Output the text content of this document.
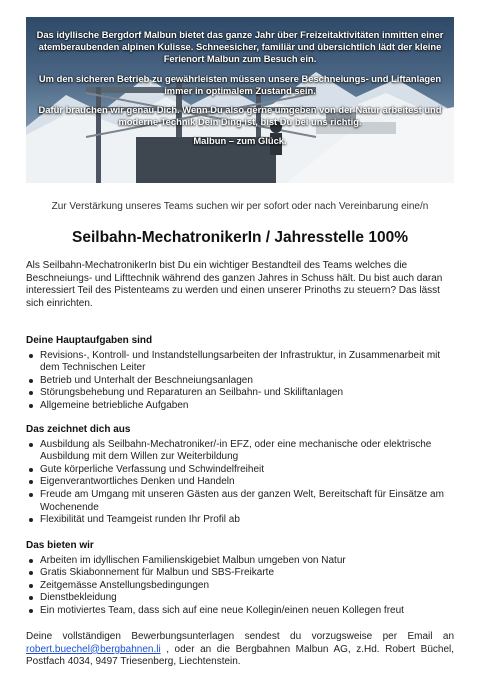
Das idyllische Bergdorf Malbun bietet das ganze Jahr über Freizeitaktivitäten inmitten einer atemberaubenden alpinen Kulisse. Schneesicher, familiär und übersichtlich lädt der kleine Ferienort Malbun zum Besuch ein.

Um den sicheren Betrieb zu gewährleisten müssen unsere Beschneiungs- und Liftanlagen immer in optimalem Zustand sein.

Dafür brauchen wir genau Dich. Wenn Du also gerne umgeben von der Natur arbeitest und moderne Technik Dein Ding ist, bist Du bei uns richtig.

Malbun – zum Glück.

Zur Verstärkung unseres Teams suchen wir per sofort oder nach Vereinbarung eine/n
Seilbahn-MechatronikerIn / Jahresstelle 100%
Als Seilbahn-MechatronikerIn bist Du ein wichtiger Bestandteil des Teams welches die Beschneiungs- und Lifttechnik während des ganzen Jahres in Schuss hält. Du bist auch daran interessiert Teil des Pistenteams zu werden und einen unserer Prinoths zu steuern? Das lässt sich einrichten.
Deine Hauptaufgaben sind
Revisions-, Kontroll- und Instandstellungsarbeiten der Infrastruktur, in Zusammenarbeit mit dem Technischen Leiter
Betrieb und Unterhalt der Beschneiungsanlagen
Störungsbehebung und Reparaturen an Seilbahn- und Skiliftanlagen
Allgemeine betriebliche Aufgaben
Das zeichnet dich aus
Ausbildung als Seilbahn-Mechatroniker/-in EFZ, oder eine mechanische oder elektrische Ausbildung mit dem Willen zur Weiterbildung
Gute körperliche Verfassung und Schwindelfreiheit
Eigenverantwortliches Denken und Handeln
Freude am Umgang mit unseren Gästen aus der ganzen Welt, Bereitschaft für Einsätze am Wochenende
Flexibilität und Teamgeist runden Ihr Profil ab
Das bieten wir
Arbeiten im idyllischen Familienskigebiet Malbun umgeben von Natur
Gratis Skiabonnement für Malbun und SBS-Freikarte
Zeitgemässe Anstellungsbedingungen
Dienstbekleidung
Ein motiviertes Team, dass sich auf eine neue Kollegin/einen neuen Kollegen freut
Deine vollständigen Bewerbungsunterlagen sendest du vorzugsweise per Email an robert.buechel@bergbahnen.li , oder an die Bergbahnen Malbun AG, z.Hd. Robert Büchel, Postfach 4034, 9497 Triesenberg, Liechtenstein.
